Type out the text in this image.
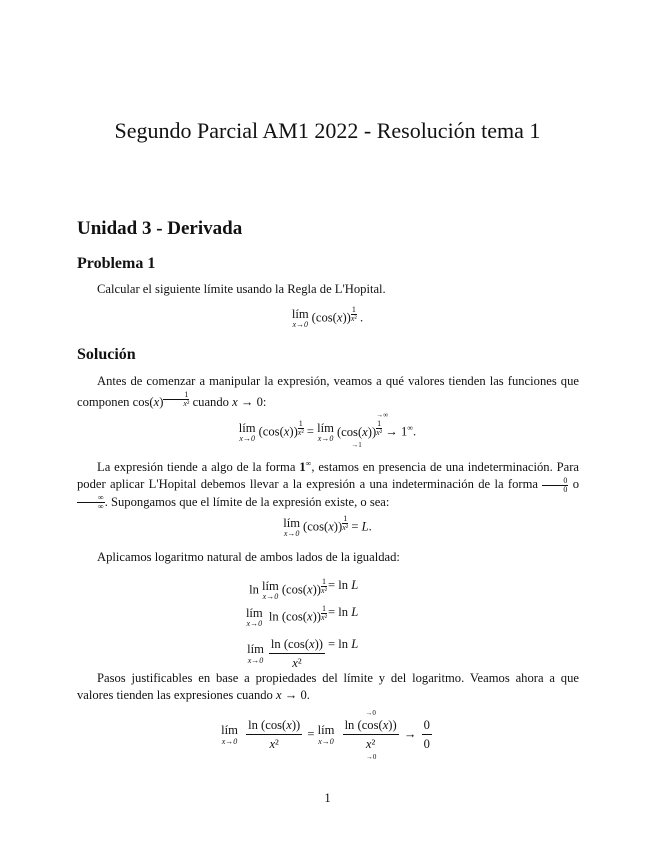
Segundo Parcial AM1 2022 - Resolución tema 1
Unidad 3 - Derivada
Problema 1
Calcular el siguiente límite usando la Regla de L'Hopital.
lím
x→0
(cos(x)) $^{\frac{1}{\text{x²}}}$ .
Solución
Antes de comenzar a manipular la expresión, veamos a qué valores tienden las funciones que componen cos(x) $^{\frac{1}{\text{x²}}}$ cuando x → 0:
lím
x→0
(cos(x)) $^{\frac{1}{\text{x²}}}$ = lím
x→0
(cos(x))
→1
$^{\to\infty \frac{1}{\text{x²}}}$ → 1∞.
La expresión tiende a algo de la forma 1∞, estamos en presencia de una indeterminación. Para poder aplicar L'Hopital debemos llevar a la expresión a una indeterminación de la forma $\frac{0}{0}$ o
∞
∞ . Supongamos que el límite de la expresión existe, o sea:
lím
x→0
(cos(x)) $^{\frac{1}{\text{x²}}}$ = L.
Aplicamos logaritmo natural de ambos lados de la igualdad:
ln lím
x→0
(cos(x)) $^{\frac{1}{\text{x²}}}$ = ln L
lím
x→0
ln (cos(x)) $^{\frac{1}{\text{x²}}}$ = ln L
lím
$x\to 0 \frac{\ln (\cos(x))}{\text{x²}} = \ln L$
Pasos justificables en base a propiedades del límite y del logaritmo. Veamos ahora a que valores tienden las expresiones cuando x → 0.
lím
x→0
$\frac{\ln (\cos(x))}{\text{x²}}$ = lím
x→0
→0
ln (cos(x))
x²
$\to 0 \to \frac{0}{0}$
1
